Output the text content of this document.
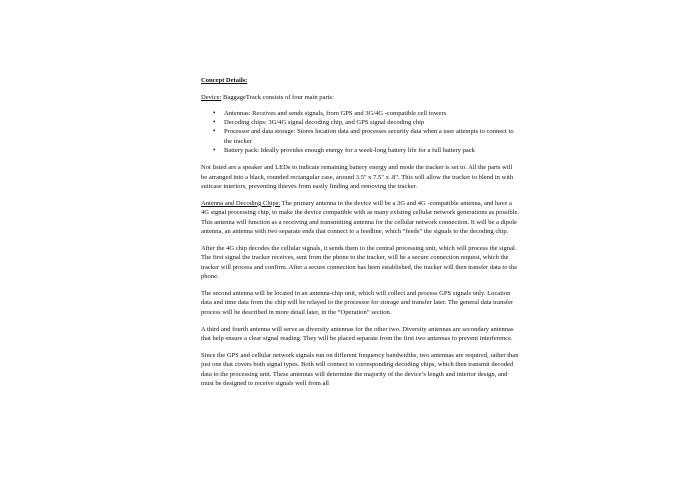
Concept Details:

Device: BaggageTrack consists of four main parts:

• Antennas: Receives and sends signals, from GPS and 3G/4G -compatible cell towers
• Decoding chips: 3G/4G signal decoding chip, and GPS signal decoding chip
• Processor and data storage: Stores location data and processes security data when a user attempts to connect to the tracker
• Battery pack: Ideally provides enough energy for a week-long battery life for a full battery pack

Not listed are a speaker and LEDs to indicate remaining battery energy and mode the tracker is set to. All the parts will be arranged into a black, rounded rectangular case, around 3.5" x 7.5" x .8". This will allow the tracker to blend in with suitcase interiors, preventing thieves from easily finding and removing the tracker.

Antenna and Decoding Chips: The primary antenna in the device will be a 3G and 4G -compatible antenna, and have a 4G signal processing chip, to make the device compatible with as many existing cellular network generations as possible. This antenna will function as a receiving and transmitting antenna for the cellular network connection. It will be a dipole antenna, an antenna with two separate ends that connect to a feedline, which “feeds” the signals to the decoding chip.

After the 4G chip decodes the cellular signals, it sends them to the central processing unit, which will process the signal. The first signal the tracker receives, sent from the phone to the tracker, will be a secure connection request, which the tracker will process and confirm. After a secure connection has been established, the tracker will then transfer data to the phone.

The second antenna will be located in an antenna-chip unit, which will collect and process GPS signals only. Location data and time data from the chip will be relayed to the processor for storage and transfer later. The general data transfer process will be described in more detail later, in the “Operation” section.

A third and fourth antenna will serve as diversity antennas for the other two. Diversity antennas are secondary antennas that help ensure a clear signal reading. They will be placed separate from the first two antennas to prevent interference.

Since the GPS and cellular network signals run on different frequency bandwidths, two antennas are required, rather than just one that covers both signal types. Both will connect to corresponding decoding chips, which then transmit decoded data to the processing unit. These antennas will determine the majority of the device’s length and interior design, and must be designed to receive signals well from all
